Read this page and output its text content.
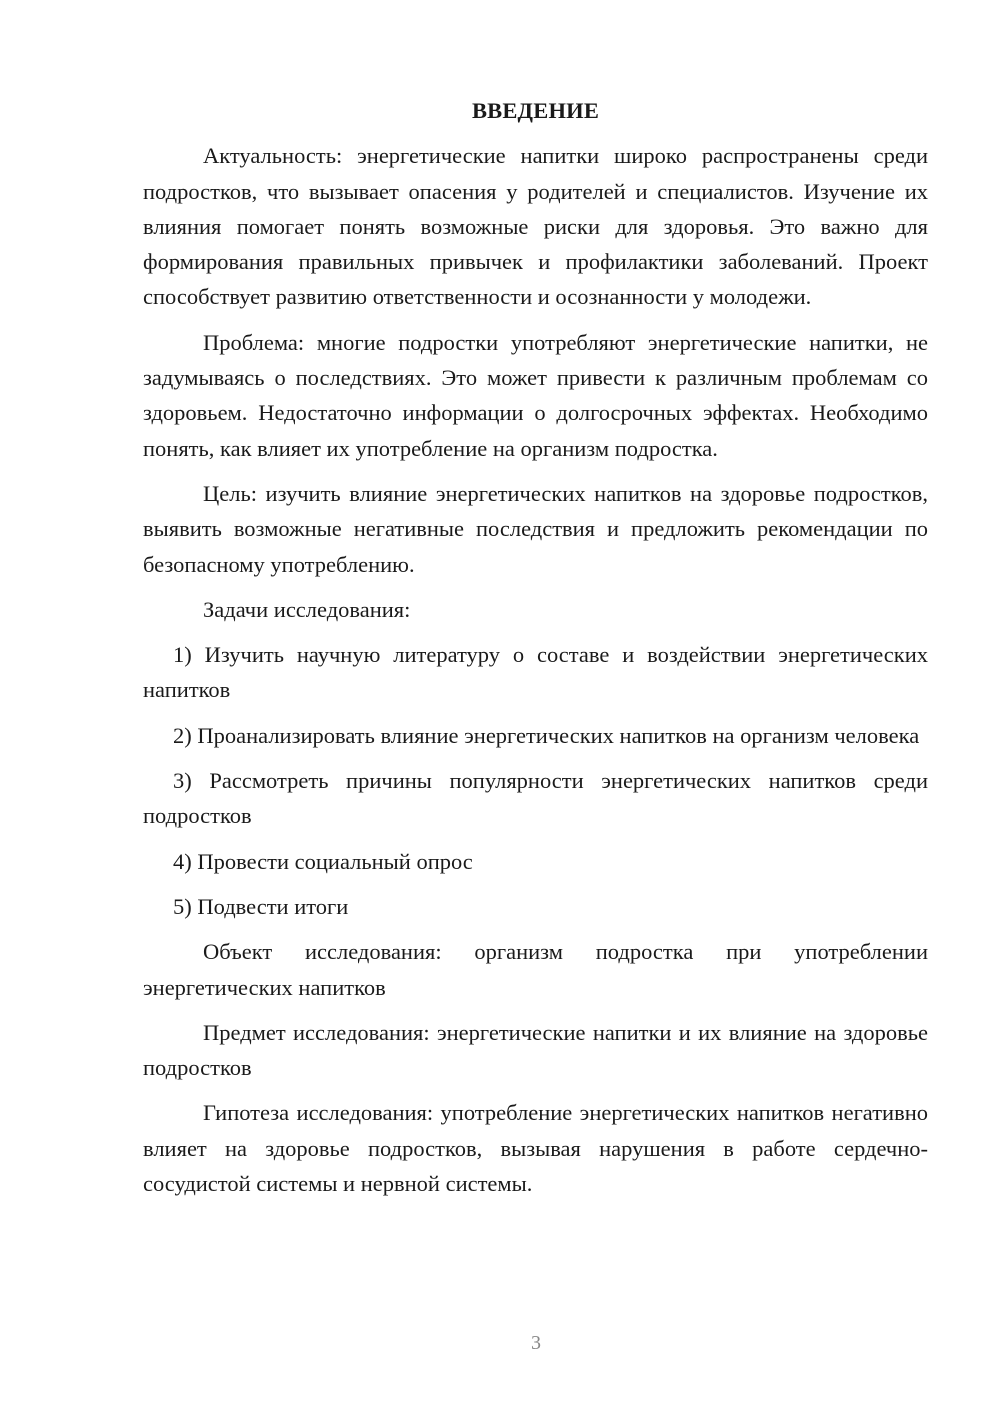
ВВЕДЕНИЕ

Актуальность: энергетические напитки широко распространены среди подростков, что вызывает опасения у родителей и специалистов. Изучение их влияния помогает понять возможные риски для здоровья. Это важно для формирования правильных привычек и профилактики заболеваний. Проект способствует развитию ответственности и осознанности у молодежи.

Проблема: многие подростки употребляют энергетические напитки, не задумываясь о последствиях. Это может привести к различным проблемам со здоровьем. Недостаточно информации о долгосрочных эффектах. Необходимо понять, как влияет их употребление на организм подростка.

Цель: изучить влияние энергетических напитков на здоровье подростков, выявить возможные негативные последствия и предложить рекомендации по безопасному употреблению.

Задачи исследования:

1) Изучить научную литературу о составе и воздействии энергетических напитков

2) Проанализировать влияние энергетических напитков на организм человека

3) Рассмотреть причины популярности энергетических напитков среди подростков

4) Провести социальный опрос

5) Подвести итоги

Объект исследования: организм подростка при употреблении энергетических напитков

Предмет исследования: энергетические напитки и их влияние на здоровье подростков

Гипотеза исследования: употребление энергетических напитков негативно влияет на здоровье подростков, вызывая нарушения в работе сердечно-сосудистой системы и нервной системы.

3
